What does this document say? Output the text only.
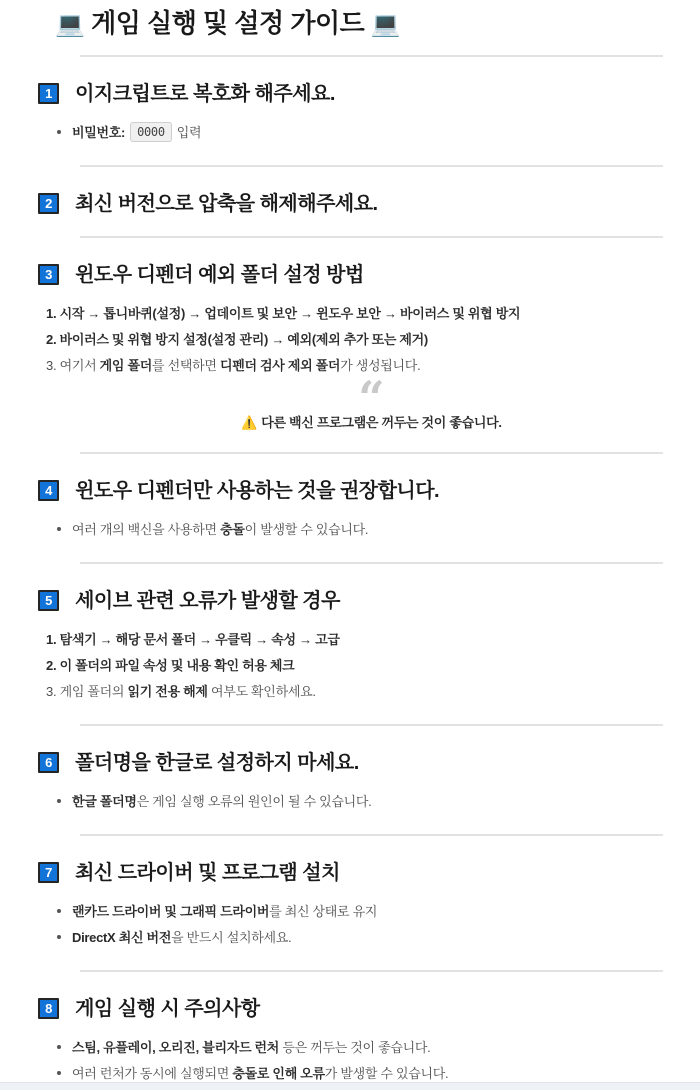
💻 게임 실행 및 설정 가이드 💻
1 이지크립트로 복호화 해주세요.
비밀번호: 0000 입력
2 최신 버전으로 압축을 해제해주세요.
3 윈도우 디펜더 예외 폴더 설정 방법
시작 → 톱니바퀴(설정) → 업데이트 및 보안 → 윈도우 보안 → 바이러스 및 위협 방지
바이러스 및 위협 방지 설정(설정 관리) → 예외(제외 추가 또는 제거)
여기서 게임 폴더를 선택하면 디펜더 검사 제외 폴더가 생성됩니다.
“

⚠️ 다른 백신 프로그램은 꺼두는 것이 좋습니다.

4 윈도우 디펜더만 사용하는 것을 권장합니다.
여러 개의 백신을 사용하면 충돌이 발생할 수 있습니다.
5 세이브 관련 오류가 발생할 경우
탐색기 → 해당 문서 폴더 → 우클릭 → 속성 → 고급
이 폴더의 파일 속성 및 내용 확인 허용 체크
게임 폴더의 읽기 전용 해제 여부도 확인하세요.
6 폴더명을 한글로 설정하지 마세요.
한글 폴더명은 게임 실행 오류의 원인이 될 수 있습니다.
7 최신 드라이버 및 프로그램 설치
랜카드 드라이버 및 그래픽 드라이버를 최신 상태로 유지
DirectX 최신 버전을 반드시 설치하세요.
8 게임 실행 시 주의사항
스팀, 유플레이, 오리진, 블리자드 런처 등은 꺼두는 것이 좋습니다.
여러 런처가 동시에 실행되면 충돌로 인해 오류가 발생할 수 있습니다.
